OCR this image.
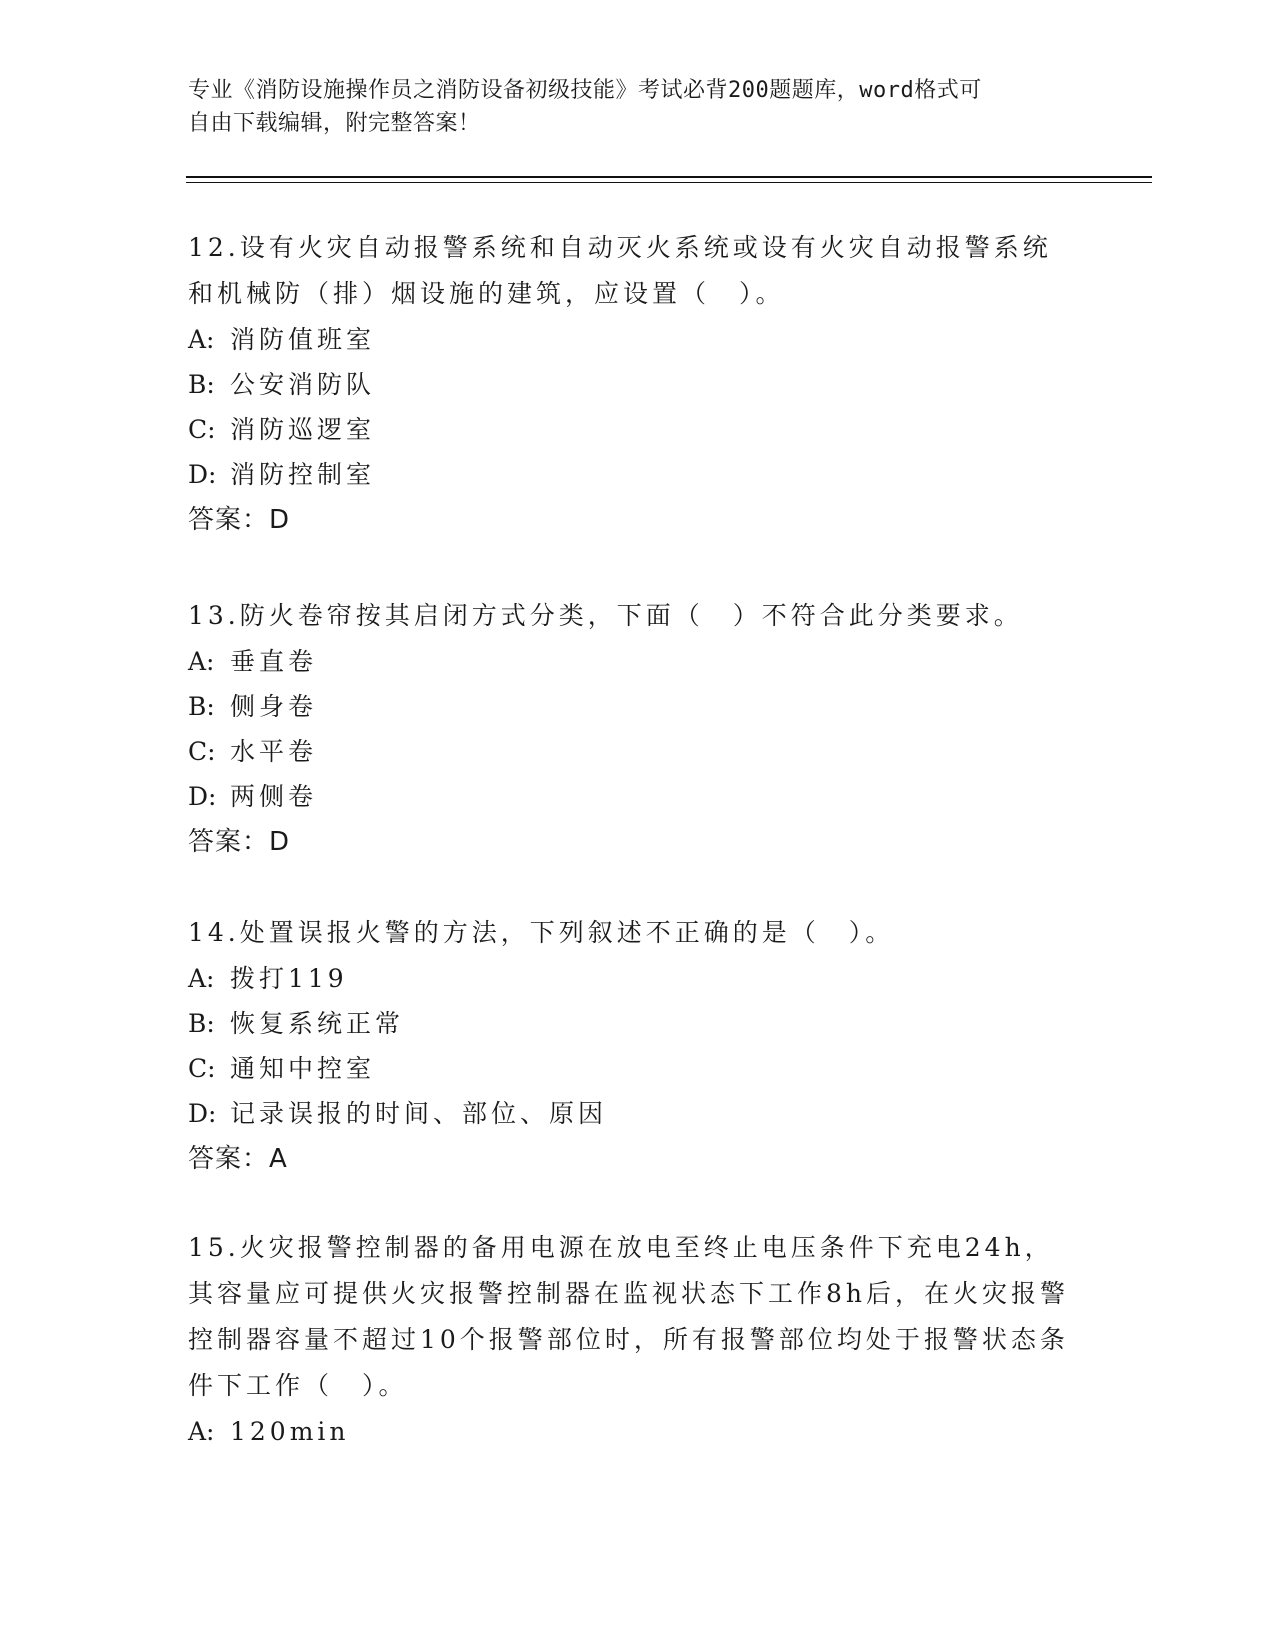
专业《消防设施操作员之消防设备初级技能》考试必背200题题库，word格式可
自由下载编辑，附完整答案！

12.设有火灾自动报警系统和自动灭火系统或设有火灾自动报警系统和机械防（排）烟设施的建筑，应设置（　）。

A: 消防值班室

B: 公安消防队

C: 消防巡逻室

D: 消防控制室

答案：D

13.防火卷帘按其启闭方式分类，下面（　）不符合此分类要求。

A: 垂直卷

B: 侧身卷

C: 水平卷

D: 两侧卷

答案：D

14.处置误报火警的方法，下列叙述不正确的是（　）。

A: 拨打119

B: 恢复系统正常

C: 通知中控室

D: 记录误报的时间、部位、原因

答案：A

15.火灾报警控制器的备用电源在放电至终止电压条件下充电24h，其容量应可提供火灾报警控制器在监视状态下工作8h后，在火灾报警控制器容量不超过10个报警部位时，所有报警部位均处于报警状态条件下工作（　）。

A: 120min
